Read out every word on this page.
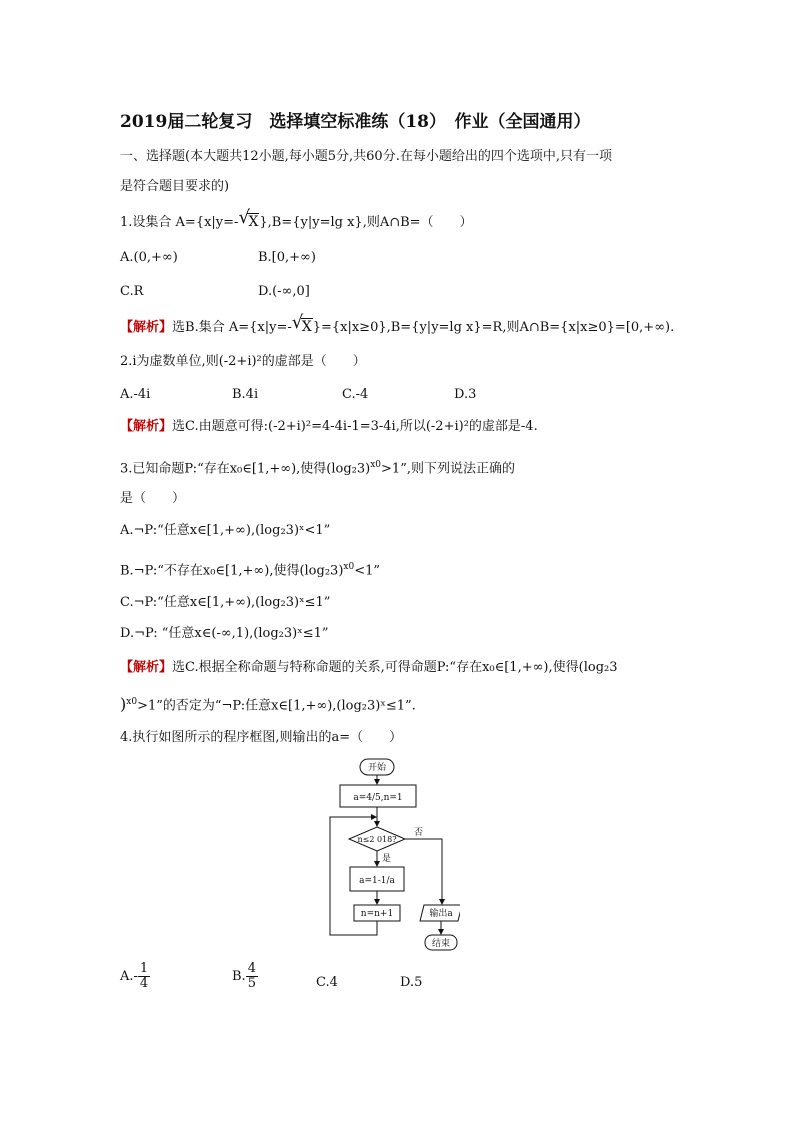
2019届二轮复习　选择填空标准练（18）　作业（全国通用）
一、选择题(本大题共12小题,每小题5分,共60分.在每小题给出的四个选项中,只有一项
是符合题目要求的)
1.设集合 A={x|y=- √
X},B={y|y=lg x},则A∩B=（　　）
A.(0,+∞)	B.[0,+∞)
C.R	D.(-∞,0]
【解析】选B.集合 A={x|y=- √
X}={x|x≥0},B={y|y=lg x}=R,则A∩B={x|x≥0}=[0,+∞).
2.i为虚数单位,则(-2+i)²的虚部是（　　）
A.-4i	B.4i	C.-4	D.3
【解析】选C.由题意可得:(-2+i)²=4-4i-1=3-4i,所以(-2+i)²的虚部是-4.
3.已知命题P:“存在x₀∈[1,+∞),使得$(\log_23)^{x0}>1$”,则下列说法正确的
是（　　）
A.¬P:“任意x∈[1,+∞),(log₂3)ˣ<1”
B.¬P:“不存在x₀∈[1,+∞),使得$(\log_23)^{x0}<1$”
C.¬P:“任意x∈[1,+∞),(log₂3)ˣ≤1”
D.¬P: “任意x∈(-∞,1),(log₂3)ˣ≤1”
【解析】选C.根据全称命题与特称命题的关系,可得命题P:“存在x₀∈[1,+∞),使得(log₂3
)$^{x0}$>1”的否定为“¬P:任意x∈[1,+∞),(log₂3)ˣ≤1”.
4.执行如图所示的程序框图,则输出的a=（　　）
开始
a=4/5,n=1
n≤2 018?
否
是
a=1-1/a
n=n+1	输出a
结束
$A.- \frac{1}{4}$	B. $\frac{4}{5}$	C.4	D.5
